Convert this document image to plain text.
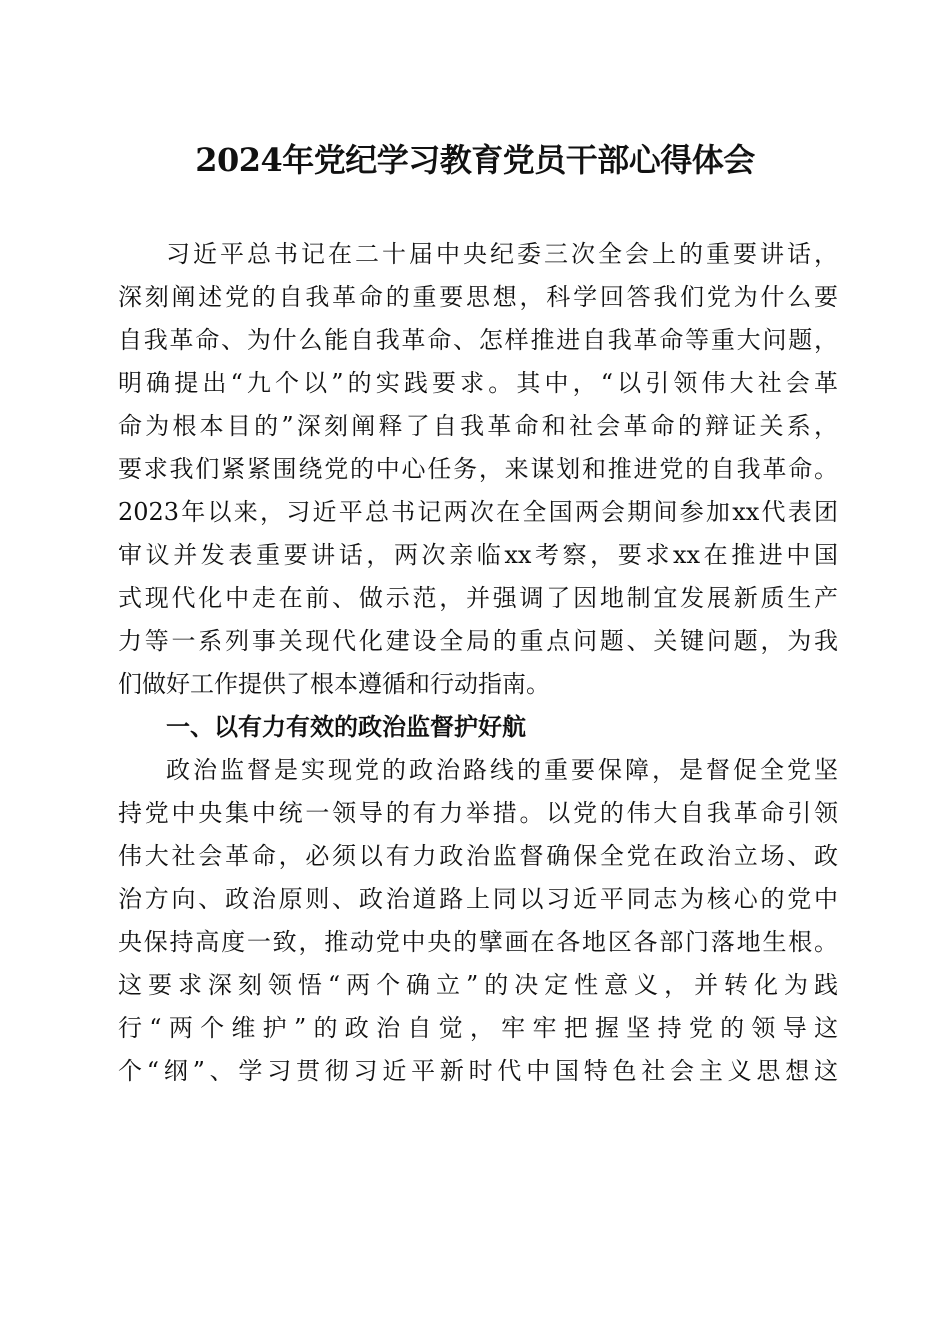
2024年党纪学习教育党员干部心得体会
习近平总书记在二十届中央纪委三次全会上的重要讲话，
深刻阐述党的自我革命的重要思想，科学回答我们党为什么要
自我革命、为什么能自我革命、怎样推进自我革命等重大问题，
明确提出“九个以”的实践要求。其中，“以引领伟大社会革
命为根本目的”深刻阐释了自我革命和社会革命的辩证关系，
要求我们紧紧围绕党的中心任务，来谋划和推进党的自我革命。
2023年以来，习近平总书记两次在全国两会期间参加xx代表团
审议并发表重要讲话，两次亲临xx考察，要求xx在推进中国
式现代化中走在前、做示范，并强调了因地制宜发展新质生产
力等一系列事关现代化建设全局的重点问题、关键问题，为我
们做好工作提供了根本遵循和行动指南。
一、以有力有效的政治监督护好航
政治监督是实现党的政治路线的重要保障，是督促全党坚
持党中央集中统一领导的有力举措。以党的伟大自我革命引领
伟大社会革命，必须以有力政治监督确保全党在政治立场、政
治方向、政治原则、政治道路上同以习近平同志为核心的党中
央保持高度一致，推动党中央的擘画在各地区各部门落地生根。
这要求深刻领悟“两个确立”的决定性意义，并转化为践
行“两个维护”的政治自觉，牢牢把握坚持党的领导这
个“纲”、学习贯彻习近平新时代中国特色社会主义思想这
